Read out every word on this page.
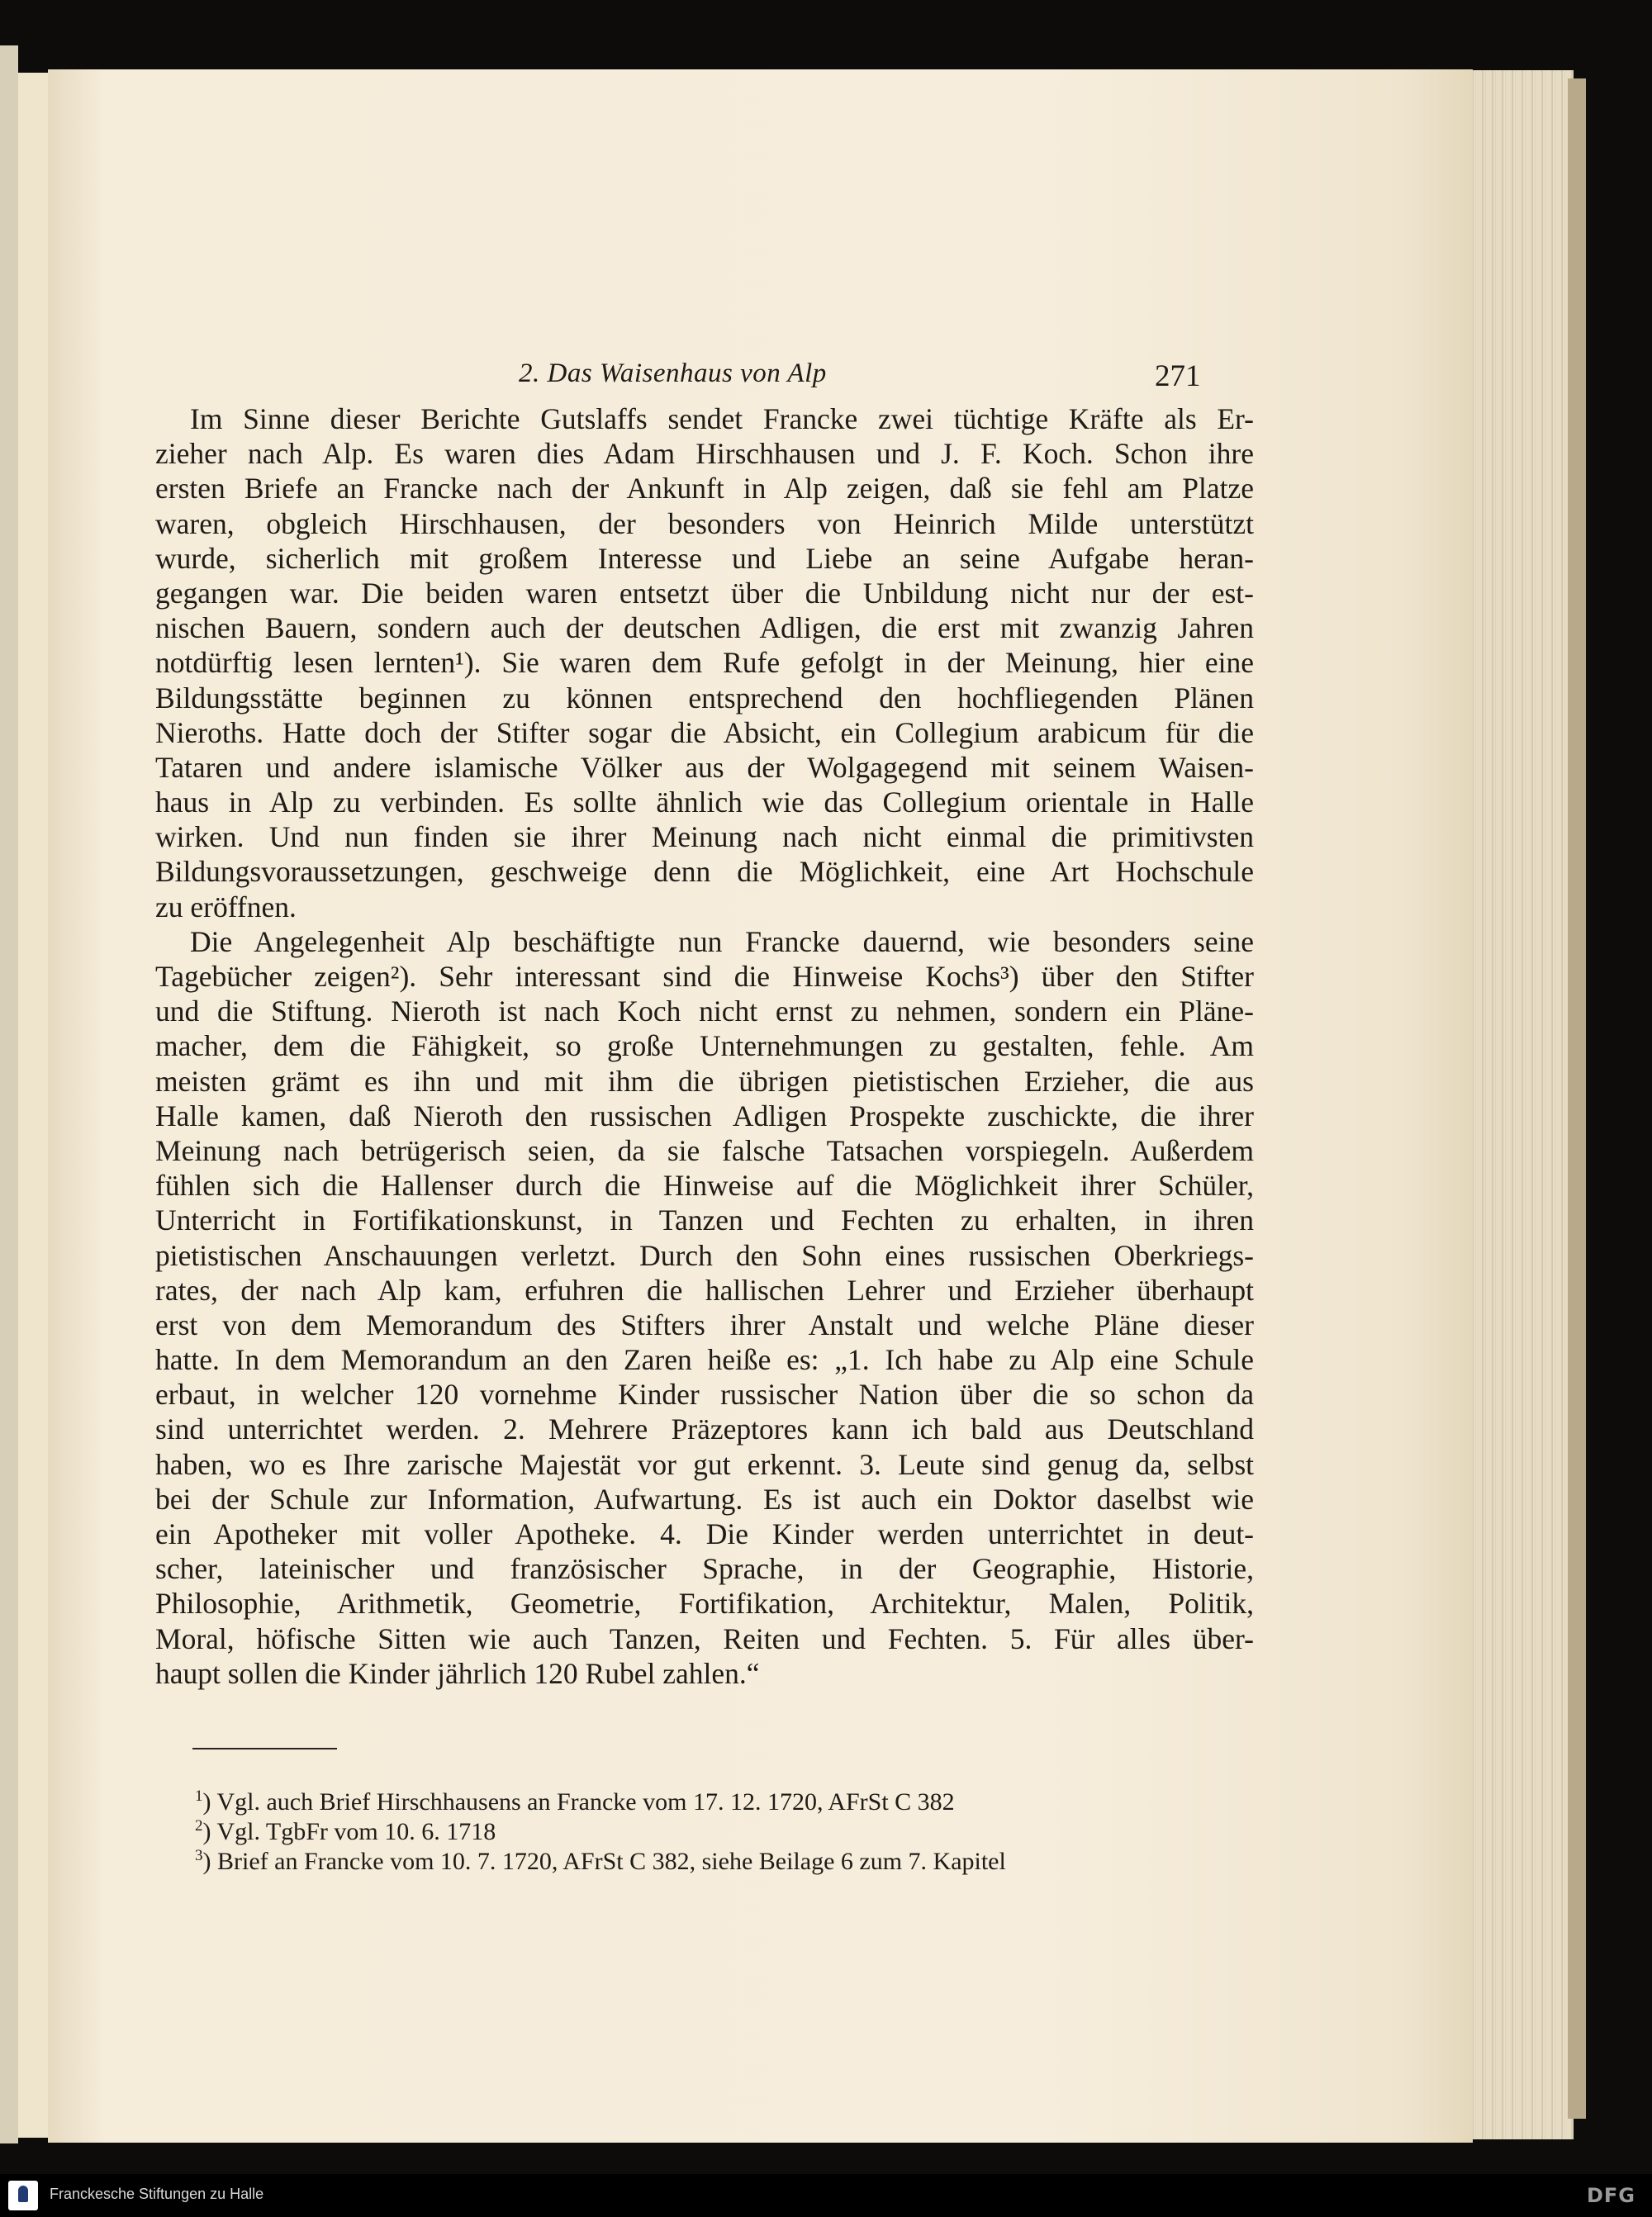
2. Das Waisenhaus von Alp	271
Im Sinne dieser Berichte Gutslaffs sendet Francke zwei tüchtige Kräfte als Er-
zieher nach Alp. Es waren dies Adam Hirschhausen und J. F. Koch. Schon ihre
ersten Briefe an Francke nach der Ankunft in Alp zeigen, daß sie fehl am Platze
waren, obgleich Hirschhausen, der besonders von Heinrich Milde unterstützt
wurde, sicherlich mit großem Interesse und Liebe an seine Aufgabe heran-
gegangen war. Die beiden waren entsetzt über die Unbildung nicht nur der est-
nischen Bauern, sondern auch der deutschen Adligen, die erst mit zwanzig Jahren
notdürftig lesen lernten¹). Sie waren dem Rufe gefolgt in der Meinung, hier eine
Bildungsstätte beginnen zu können entsprechend den hochfliegenden Plänen
Nieroths. Hatte doch der Stifter sogar die Absicht, ein Collegium arabicum für die
Tataren und andere islamische Völker aus der Wolgagegend mit seinem Waisen-
haus in Alp zu verbinden. Es sollte ähnlich wie das Collegium orientale in Halle
wirken. Und nun finden sie ihrer Meinung nach nicht einmal die primitivsten
Bildungsvoraussetzungen, geschweige denn die Möglichkeit, eine Art Hochschule
zu eröffnen.
Die Angelegenheit Alp beschäftigte nun Francke dauernd, wie besonders seine
Tagebücher zeigen²). Sehr interessant sind die Hinweise Kochs³) über den Stifter
und die Stiftung. Nieroth ist nach Koch nicht ernst zu nehmen, sondern ein Pläne-
macher, dem die Fähigkeit, so große Unternehmungen zu gestalten, fehle. Am
meisten grämt es ihn und mit ihm die übrigen pietistischen Erzieher, die aus
Halle kamen, daß Nieroth den russischen Adligen Prospekte zuschickte, die ihrer
Meinung nach betrügerisch seien, da sie falsche Tatsachen vorspiegeln. Außerdem
fühlen sich die Hallenser durch die Hinweise auf die Möglichkeit ihrer Schüler,
Unterricht in Fortifikationskunst, in Tanzen und Fechten zu erhalten, in ihren
pietistischen Anschauungen verletzt. Durch den Sohn eines russischen Oberkriegs-
rates, der nach Alp kam, erfuhren die hallischen Lehrer und Erzieher überhaupt
erst von dem Memorandum des Stifters ihrer Anstalt und welche Pläne dieser
hatte. In dem Memorandum an den Zaren heiße es: „1. Ich habe zu Alp eine Schule
erbaut, in welcher 120 vornehme Kinder russischer Nation über die so schon da
sind unterrichtet werden. 2. Mehrere Präzeptores kann ich bald aus Deutschland
haben, wo es Ihre zarische Majestät vor gut erkennt. 3. Leute sind genug da, selbst
bei der Schule zur Information, Aufwartung. Es ist auch ein Doktor daselbst wie
ein Apotheker mit voller Apotheke. 4. Die Kinder werden unterrichtet in deut-
scher, lateinischer und französischer Sprache, in der Geographie, Historie,
Philosophie, Arithmetik, Geometrie, Fortifikation, Architektur, Malen, Politik,
Moral, höfische Sitten wie auch Tanzen, Reiten und Fechten. 5. Für alles über-
haupt sollen die Kinder jährlich 120 Rubel zahlen.“
$^1$) Vgl. auch Brief Hirschhausens an Francke vom 17. 12. 1720, AFrSt C 382
$^2$) Vgl. TgbFr vom 10. 6. 1718
$^3$) Brief an Francke vom 10. 7. 1720, AFrSt C 382, siehe Beilage 6 zum 7. Kapitel
Franckesche Stiftungen zu Halle	DFG
